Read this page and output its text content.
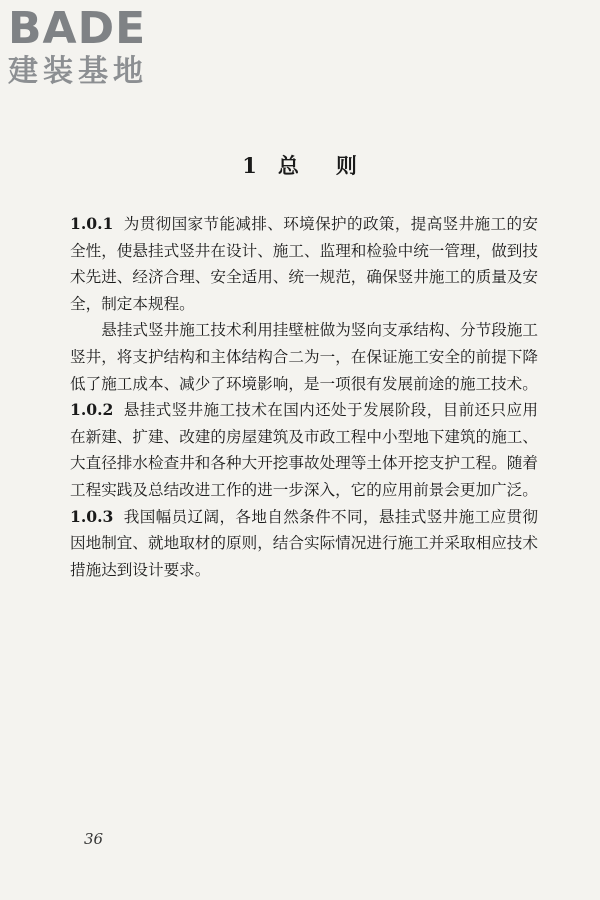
BADE
建装基地
1 总 则

1.0.1 为贯彻国家节能减排、环境保护的政策，提高竖井施工的安全性，使悬挂式竖井在设计、施工、监理和检验中统一管理，做到技术先进、经济合理、安全适用、统一规范，确保竖井施工的质量及安全，制定本规程。

悬挂式竖井施工技术利用挂壁桩做为竖向支承结构、分节段施工竖井，将支护结构和主体结构合二为一，在保证施工安全的前提下降低了施工成本、减少了环境影响，是一项很有发展前途的施工技术。

1.0.2 悬挂式竖井施工技术在国内还处于发展阶段，目前还只应用在新建、扩建、改建的房屋建筑及市政工程中小型地下建筑的施工、大直径排水检查井和各种大开挖事故处理等土体开挖支护工程。随着工程实践及总结改进工作的进一步深入，它的应用前景会更加广泛。

1.0.3 我国幅员辽阔，各地自然条件不同，悬挂式竖井施工应贯彻因地制宜、就地取材的原则，结合实际情况进行施工并采取相应技术措施达到设计要求。

36
